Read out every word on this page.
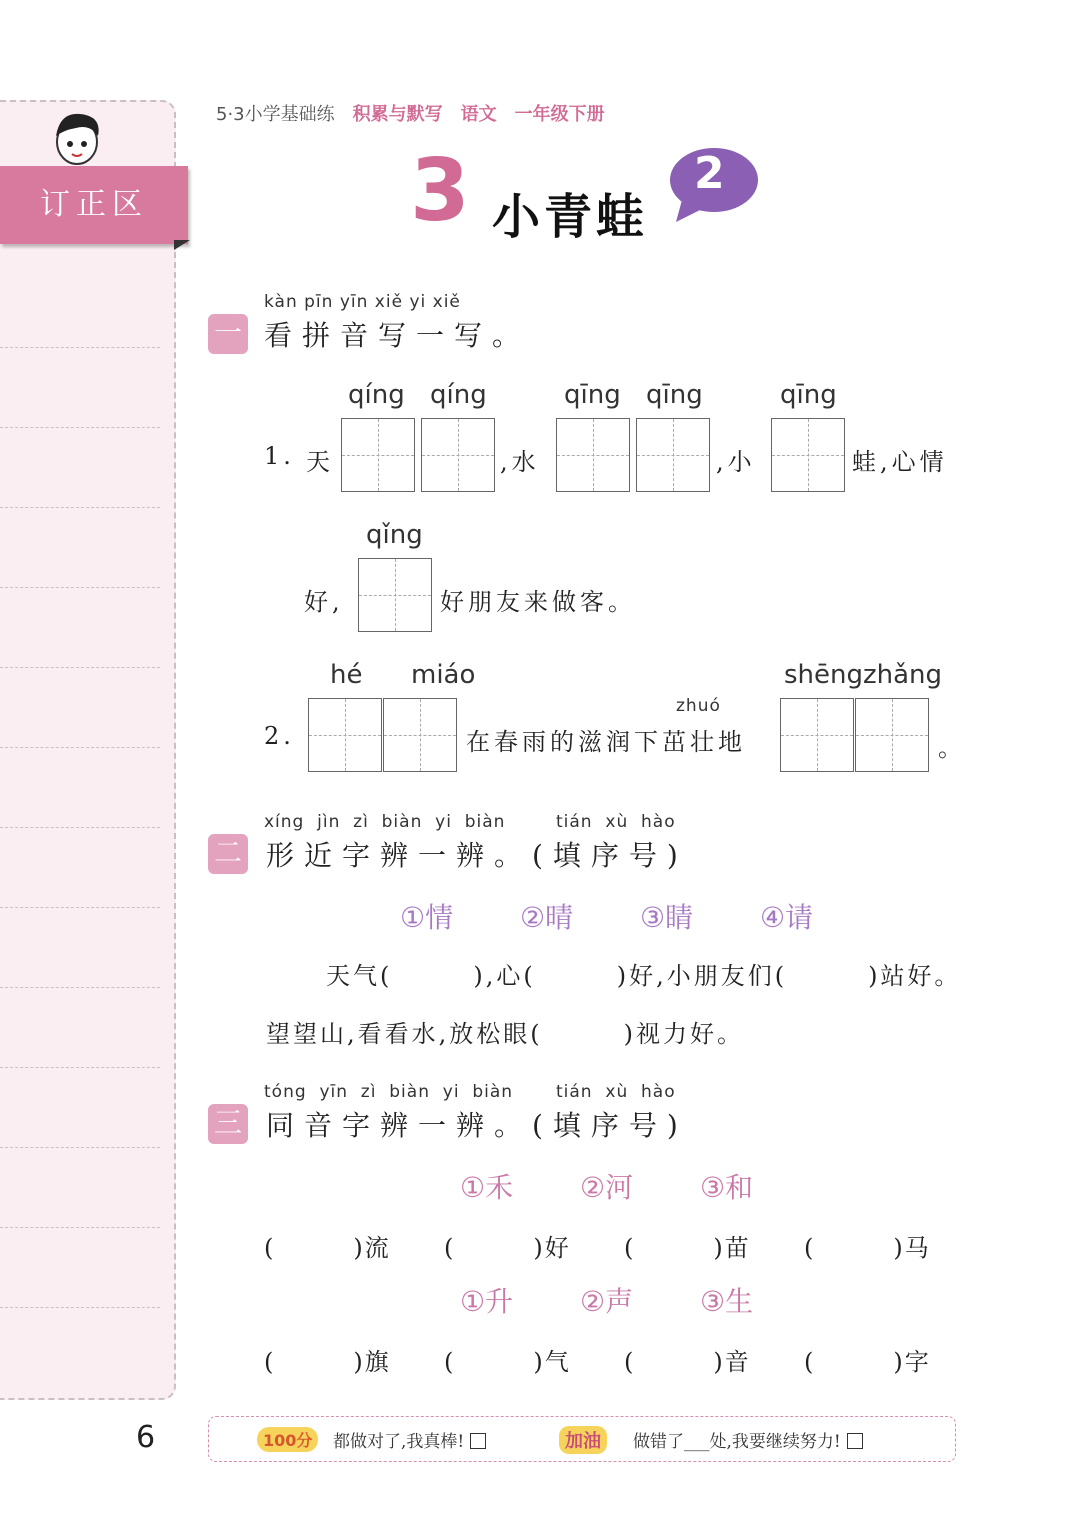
订正区
5·3小学基础练 积累与默写 语文 一年级下册
3 小青蛙
2
kàn pīn yīn xiě yi xiě
一 看拼音写一写。
qíng qíng	qīng qīng	qīng
1. 天	,水	,小	蛙,心情
qǐng
好,	好朋友来做客。
hé  miáo	shēngzhǎng
zhuó
2.	在春雨的滋润下茁壮地	。
xíng  jìn  zì  biàn  yi  biàn	tián  xù  hào
二 形近字辨一辨。(填序号)
①情 ②晴 ③睛 ④请
天气(　　　),心(　　　)好,小朋友们(　　　)站好。
望望山,看看水,放松眼(　　　)视力好。
tóng  yīn  zì  biàn  yi  biàn	tián  xù  hào
三 同音字辨一辨。(填序号)
①禾 ②河 ③和
(　　　)流 (　　　)好 (　　　)苗 (　　　)马
①升 ②声 ③生
(　　　)旗 (　　　)气 (　　　)音 (　　　)字
6	100分	都做对了,我真棒!	加油	做错了___处,我要继续努力!
